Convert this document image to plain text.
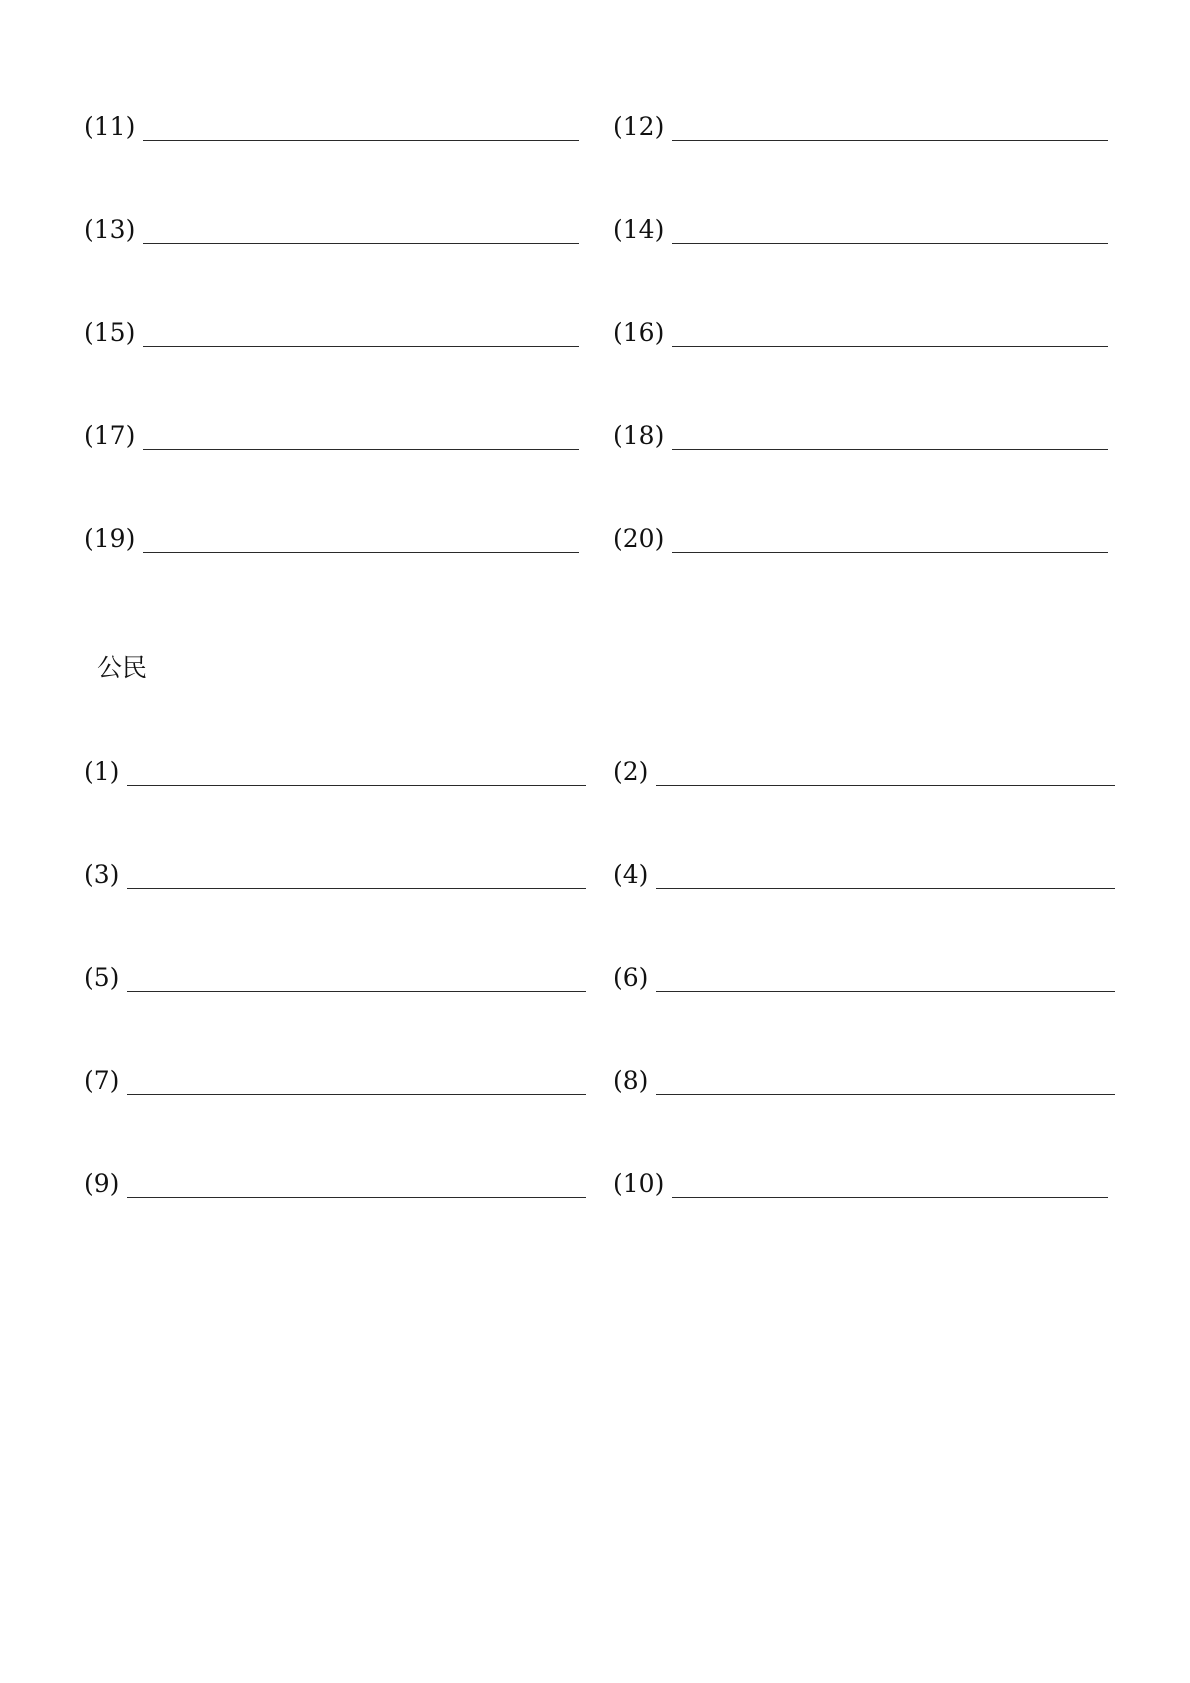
(11)	(12)
(13)	(14)
(15)	(16)
(17)	(18)
(19)	(20)
公民
(1)	(2)
(3)	(4)
(5)	(6)
(7)	(8)
(9)	(10)
